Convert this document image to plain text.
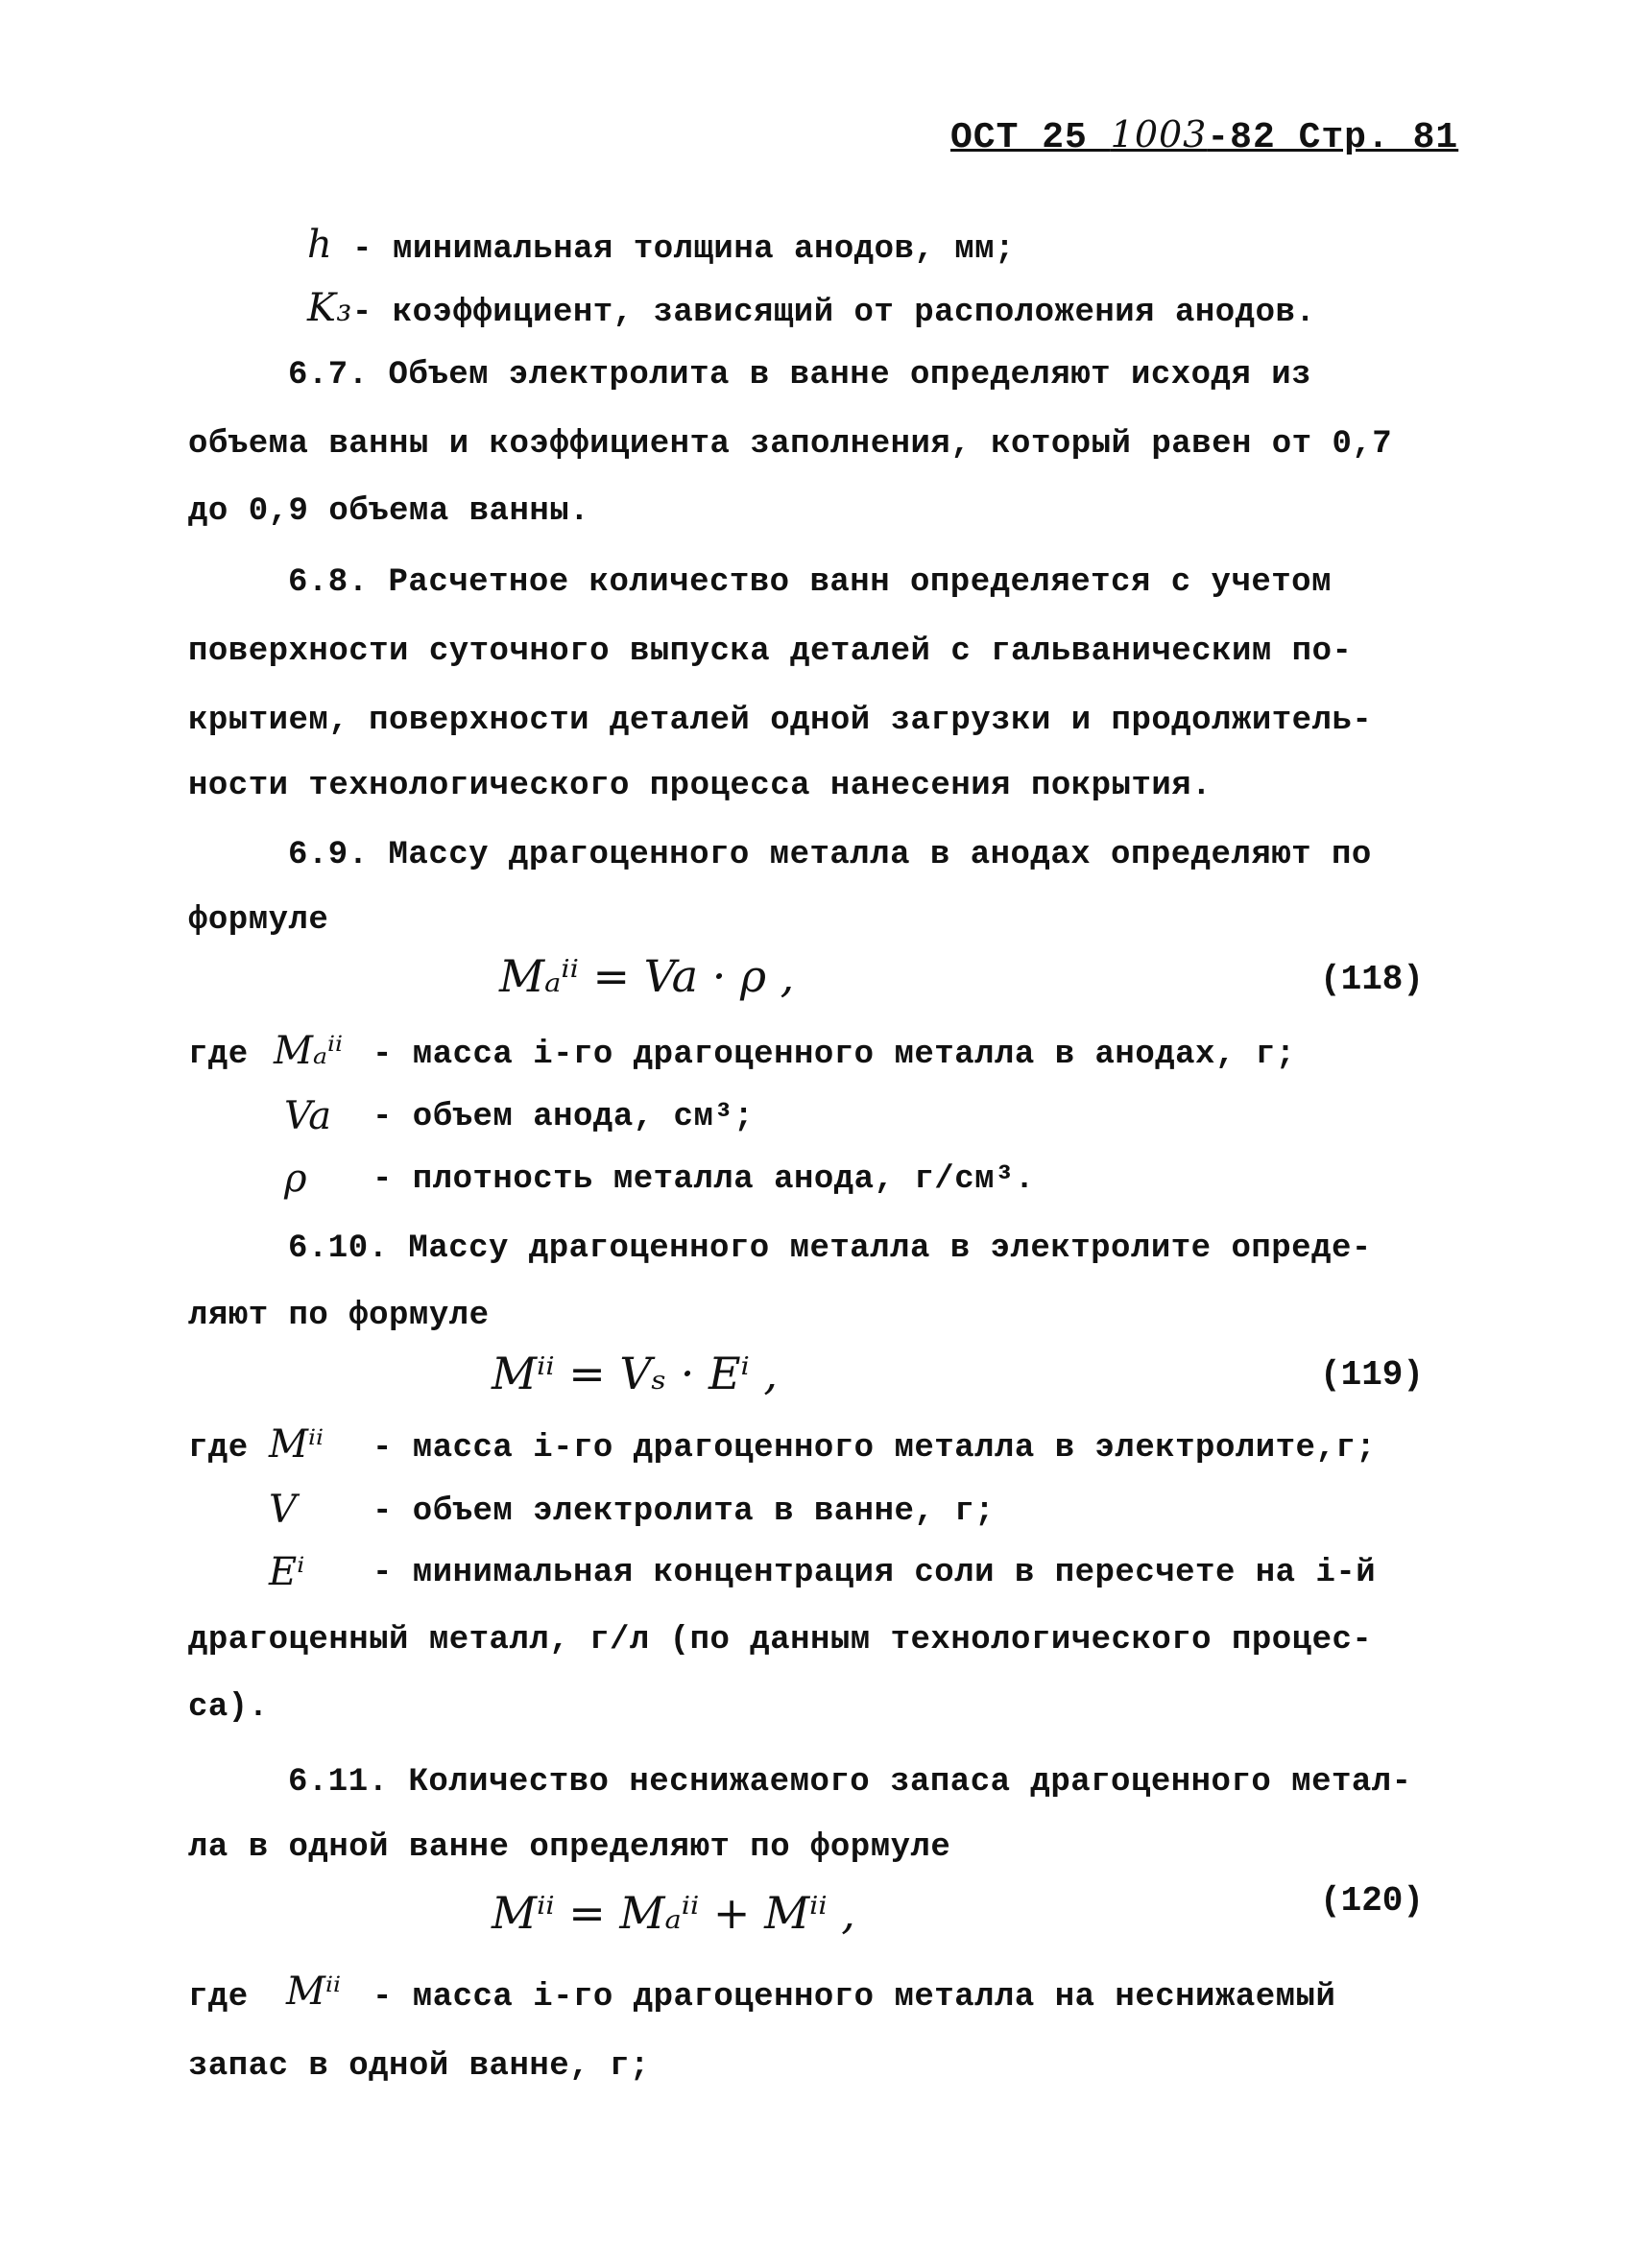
ОСТ 25 1003-82 Стр. 81
h - минимальная толщина анодов, мм;
K₃- коэффициент, зависящий от расположения анодов.
6.7. Объем электролита в ванне определяют исходя из
объема ванны и коэффициента заполнения, который равен от 0,7
до 0,9 объема ванны.
6.8. Расчетное количество ванн определяется с учетом
поверхности суточного выпуска деталей с гальваническим по-
крытием, поверхности деталей одной загрузки и продолжитель-
ности технологического процесса нанесения покрытия.
6.9. Массу драгоценного металла в анодах определяют по
формуле
Mₐⁱⁱ = Va · ρ ,	(118)
где Mₐⁱⁱ - масса i-го драгоценного металла в анодах, г;
Va - объем анода, см³;
ρ - плотность металла анода, г/см³.
6.10. Массу драгоценного металла в электролите опреде-
ляют по формуле
Mⁱⁱ = Vₛ · Eⁱ ,	(119)
где Mⁱⁱ - масса i-го драгоценного металла в электролите,г;
V - объем электролита в ванне, г;
Eⁱ - минимальная концентрация соли в пересчете на i-й
драгоценный металл, г/л (по данным технологического процес-
са).
6.11. Количество неснижаемого запаса драгоценного метал-
ла в одной ванне определяют по формуле
Mⁱⁱ = Mₐⁱⁱ + Mⁱⁱ ,	(120)
где Mⁱⁱ - масса i-го драгоценного металла на неснижаемый
запас в одной ванне, г;
